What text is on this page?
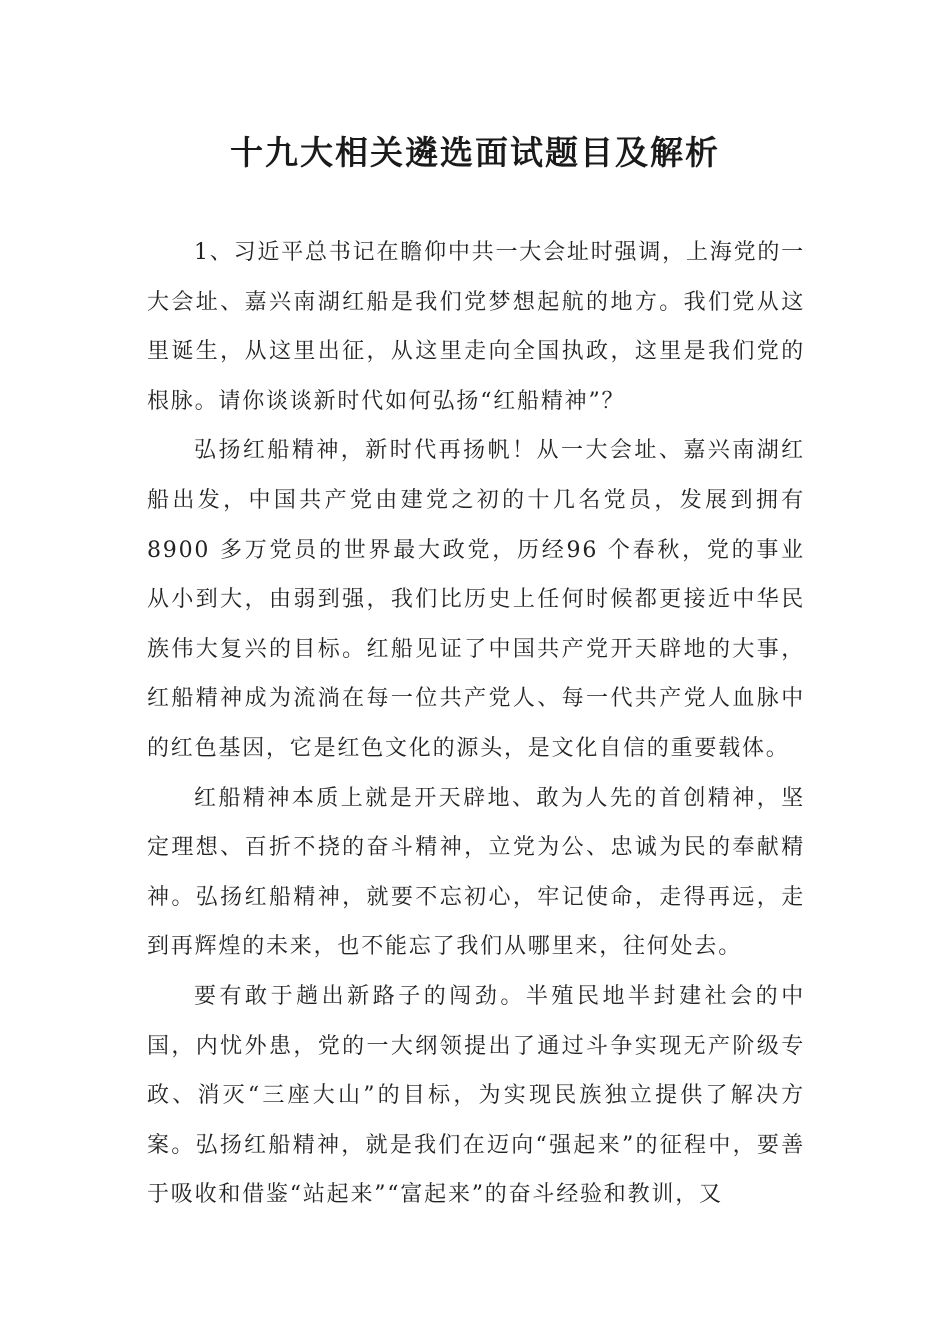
十九大相关遴选面试题目及解析

1、习近平总书记在瞻仰中共一大会址时强调，上海党的一大会址、嘉兴南湖红船是我们党梦想起航的地方。我们党从这里诞生，从这里出征，从这里走向全国执政，这里是我们党的根脉。请你谈谈新时代如何弘扬“红船精神”？

弘扬红船精神，新时代再扬帆！从一大会址、嘉兴南湖红船出发，中国共产党由建党之初的十几名党员，发展到拥有8900 多万党员的世界最大政党，历经96 个春秋，党的事业从小到大，由弱到强，我们比历史上任何时候都更接近中华民族伟大复兴的目标。红船见证了中国共产党开天辟地的大事，红船精神成为流淌在每一位共产党人、每一代共产党人血脉中的红色基因，它是红色文化的源头，是文化自信的重要载体。

红船精神本质上就是开天辟地、敢为人先的首创精神，坚定理想、百折不挠的奋斗精神，立党为公、忠诚为民的奉献精神。弘扬红船精神，就要不忘初心，牢记使命，走得再远，走到再辉煌的未来，也不能忘了我们从哪里来，往何处去。

要有敢于趟出新路子的闯劲。半殖民地半封建社会的中国，内忧外患，党的一大纲领提出了通过斗争实现无产阶级专政、消灭“三座大山”的目标，为实现民族独立提供了解决方案。弘扬红船精神，就是我们在迈向“强起来”的征程中，要善于吸收和借鉴“站起来”“富起来”的奋斗经验和教训，又
